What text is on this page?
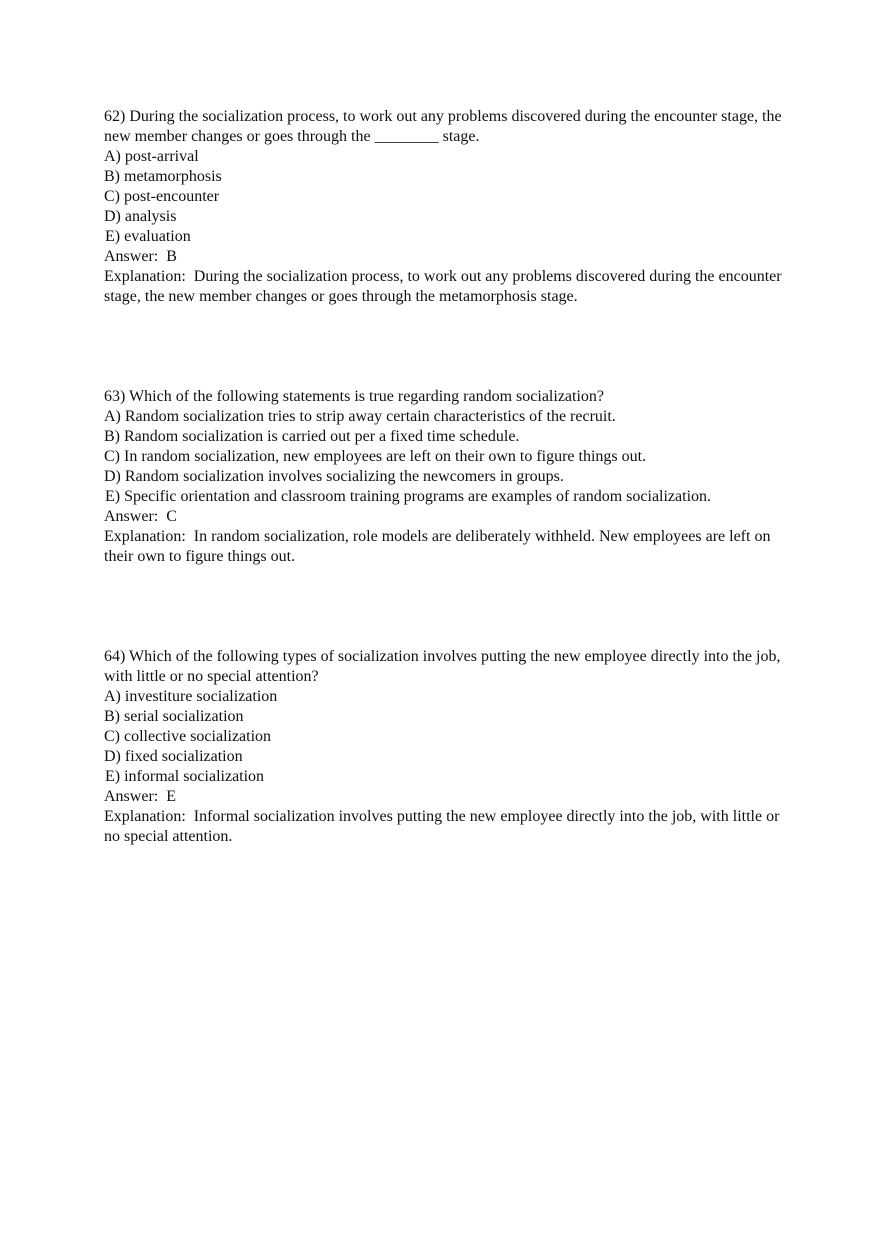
62) During the socialization process, to work out any problems discovered during the encounter stage, the new member changes or goes through the ________ stage.
A) post-arrival
B) metamorphosis
C) post-encounter
D) analysis
E) evaluation
Answer: B
Explanation: During the socialization process, to work out any problems discovered during the encounter stage, the new member changes or goes through the metamorphosis stage.
63) Which of the following statements is true regarding random socialization?
A) Random socialization tries to strip away certain characteristics of the recruit.
B) Random socialization is carried out per a fixed time schedule.
C) In random socialization, new employees are left on their own to figure things out.
D) Random socialization involves socializing the newcomers in groups.
E) Specific orientation and classroom training programs are examples of random socialization.
Answer: C
Explanation: In random socialization, role models are deliberately withheld. New employees are left on their own to figure things out.
64) Which of the following types of socialization involves putting the new employee directly into the job, with little or no special attention?
A) investiture socialization
B) serial socialization
C) collective socialization
D) fixed socialization
E) informal socialization
Answer: E
Explanation: Informal socialization involves putting the new employee directly into the job, with little or no special attention.
